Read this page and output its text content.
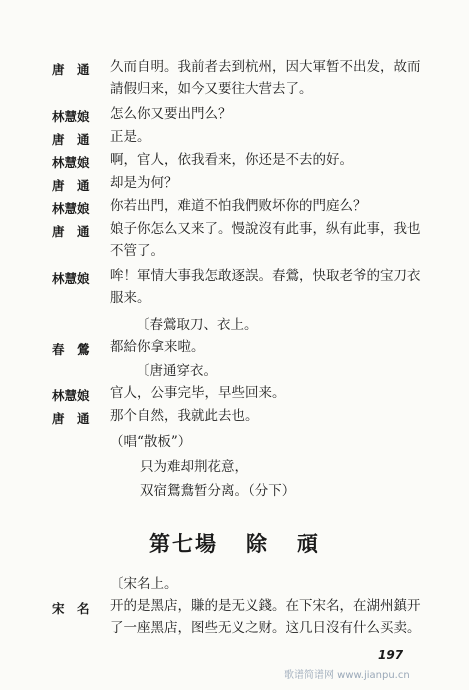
唐　通	久而自明。我前者去到杭州，因大軍暂不出发，故而請假归来，如今又要往大营去了。
林慧娘	怎么你又要出門么？
唐　通	正是。
林慧娘	啊，官人，依我看来，你还是不去的好。
唐　通	却是为何？
林慧娘	你若出門，难道不怕我們败坏你的門庭么？
唐　通	娘子你怎么又来了。慢說沒有此事，纵有此事，我也不管了。
林慧娘	哞！軍情大事我怎敢逐誤。春鶯，快取老爷的宝刀衣服来。
春　鶯	都給你拿来啦。
林慧娘	官人，公事完毕，早些回来。
唐　通	那个自然，我就此去也。
宋　名	开的是黑店，賺的是无义錢。在下宋名，在湖州鎮开了一座黑店，图些无义之财。这几日沒有什么买卖。
〔春鶯取刀、衣上。
〔唐通穿衣。
（唱“散板”）
只为难却荆花意，
双宿鴛鴦暂分离。（分下）
〔宋名上。
第七場 除 頑
197
歌谱简谱网 www.jianpu.cn
